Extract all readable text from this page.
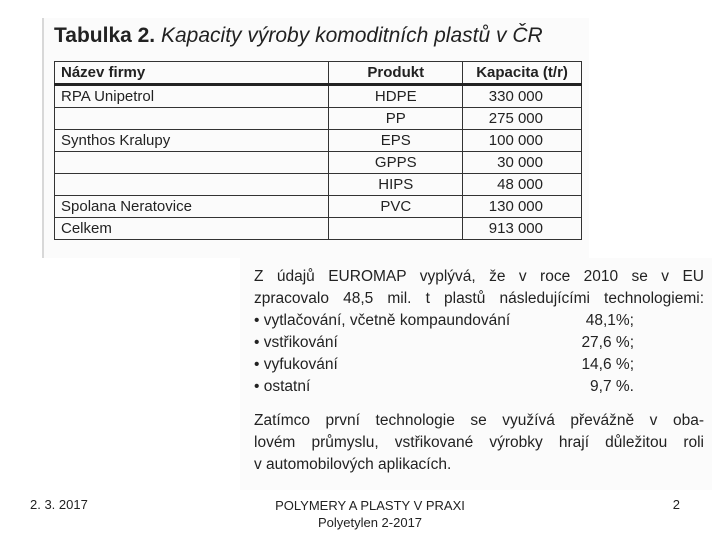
Tabulka 2. Kapacity výroby komoditních plastů v ČR
Název firmy	Produkt	Kapacita (t/r)
RPA Unipetrol	HDPE	330 000
	PP	275 000
Synthos Kralupy	EPS	100 000
	GPPS	30 000
	HIPS	48 000
Spolana Neratovice	PVC	130 000
Celkem		913 000
Z údajů EUROMAP vyplývá, že v roce 2010 se v EU
zpracovalo 48,5 mil. t plastů následujícími technologiemi:
• vytlačování, včetně kompaundování	48,1%;
• vstřikování	27,6 %;
• vyfukování	14,6 %;
• ostatní	9,7 %.
Zatímco první technologie se využívá převážně v oba-
lovém průmyslu, vstřikované výrobky hrají důležitou roli
v automobilových aplikacích.
2. 3. 2017	POLYMERY A PLASTY V PRAXI
Polyetylen 2-2017
2
